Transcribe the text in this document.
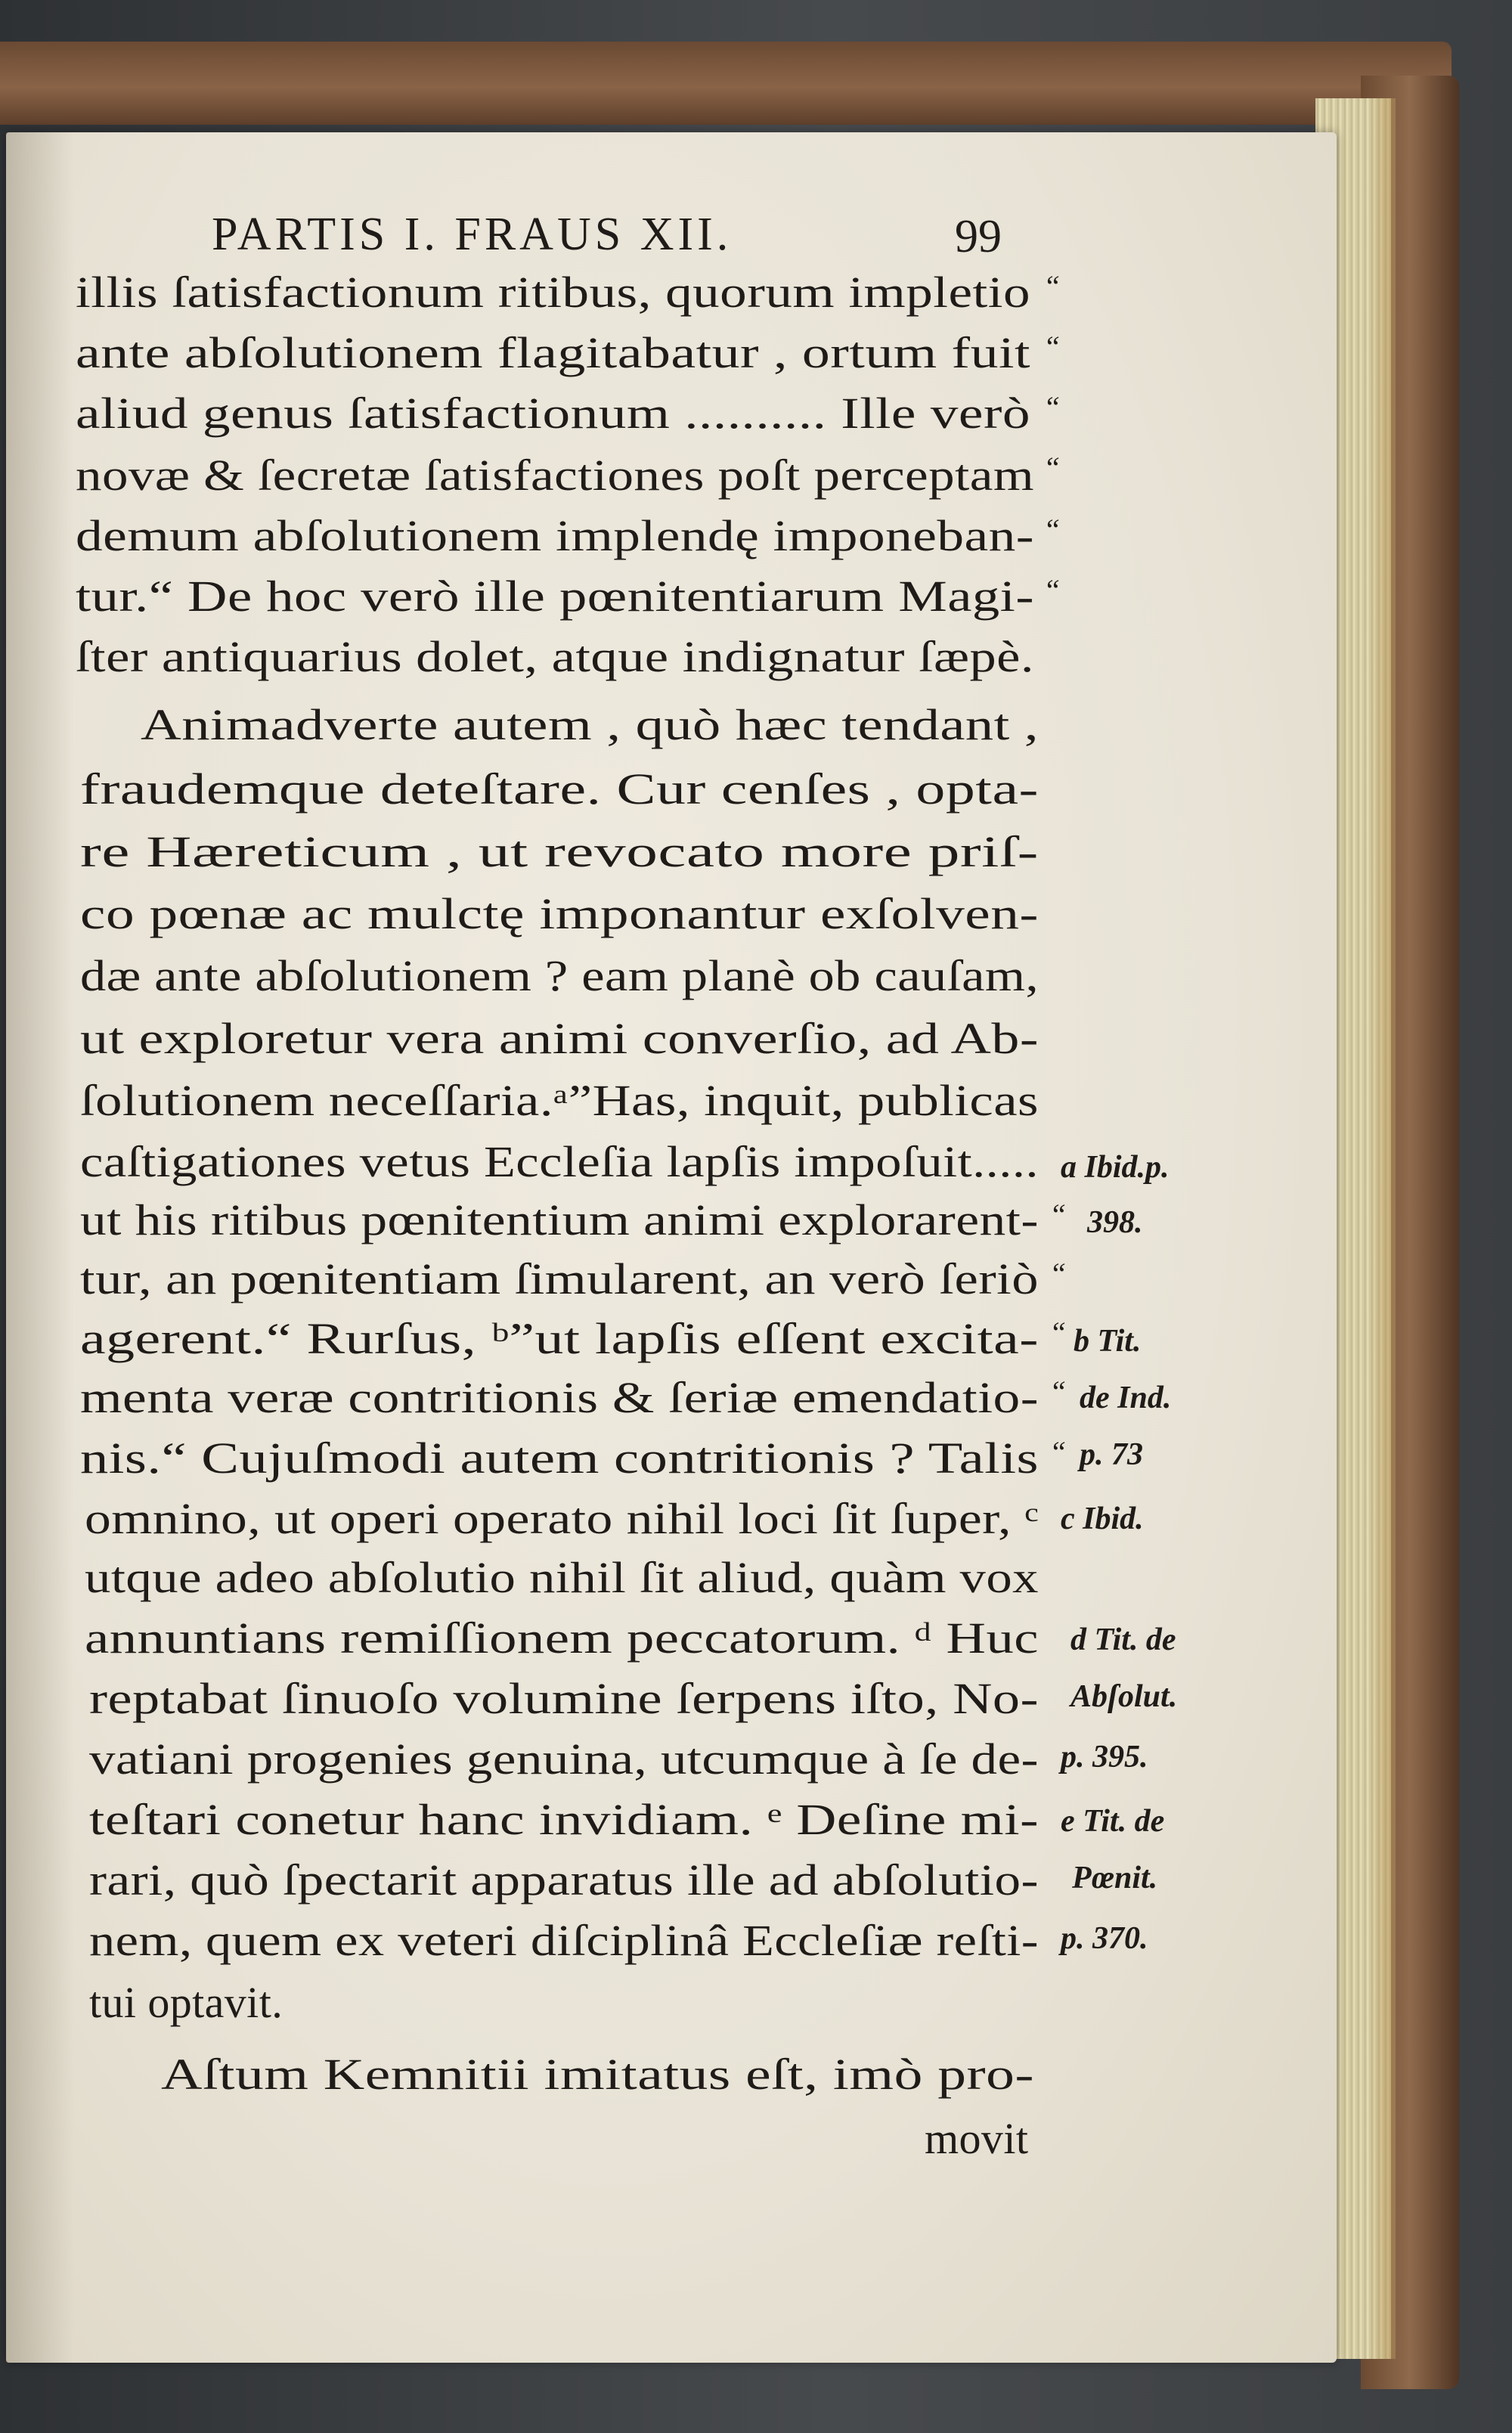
PARTIS I. FRAUS XII.	99
illis ſatisfactionum ritibus, quorum impletio
ante abſolutionem flagitabatur , ortum fuit
aliud genus ſatisfactionum .......... Ille verò
novæ & ſecretæ ſatisfactiones poſt perceptam
demum abſolutionem implendę imponeban-
tur.“ De hoc verò ille pœnitentiarum Magi-
ſter antiquarius dolet, atque indignatur ſæpè.
Animadverte autem , quò hæc tendant ,
fraudemque deteſtare. Cur cenſes , opta-
re Hæreticum , ut revocato more priſ-
co pœnæ ac mulctę imponantur exſolven-
dæ ante abſolutionem ? eam planè ob cauſam,
ut exploretur vera animi converſio, ad Ab-
ſolutionem neceſſaria.ᵃ”Has, inquit, publicas
caſtigationes vetus Eccleſia lapſis impoſuit.....
ut his ritibus pœnitentium animi explorarent-
tur, an pœnitentiam ſimularent, an verò ſeriò
agerent.“ Rurſus, ᵇ”ut lapſis eſſent excita-
menta veræ contritionis & ſeriæ emendatio-
nis.“ Cujuſmodi autem contritionis ? Talis
omnino, ut operi operato nihil loci ſit ſuper, ᶜ
utque adeo abſolutio nihil ſit aliud, quàm vox
annuntians remiſſionem peccatorum. ᵈ Huc
reptabat ſinuoſo volumine ſerpens iſto, No-
vatiani progenies genuina, utcumque à ſe de-
teſtari conetur hanc invidiam. ᵉ Deſine mi-
rari, quò ſpectarit apparatus ille ad abſolutio-
nem, quem ex veteri diſciplinâ Eccleſiæ reſti-
tui optavit.
Aſtum Kemnitii imitatus eſt, imò pro-
movit
“
“
“
“
“
“
“
“
“
“
“
a Ibid.p.
398.
b Tit.
de Ind.
p. 73
c Ibid.
d Tit. de
Abſolut.
p. 395.
e Tit. de
Pœnit.
p. 370.
